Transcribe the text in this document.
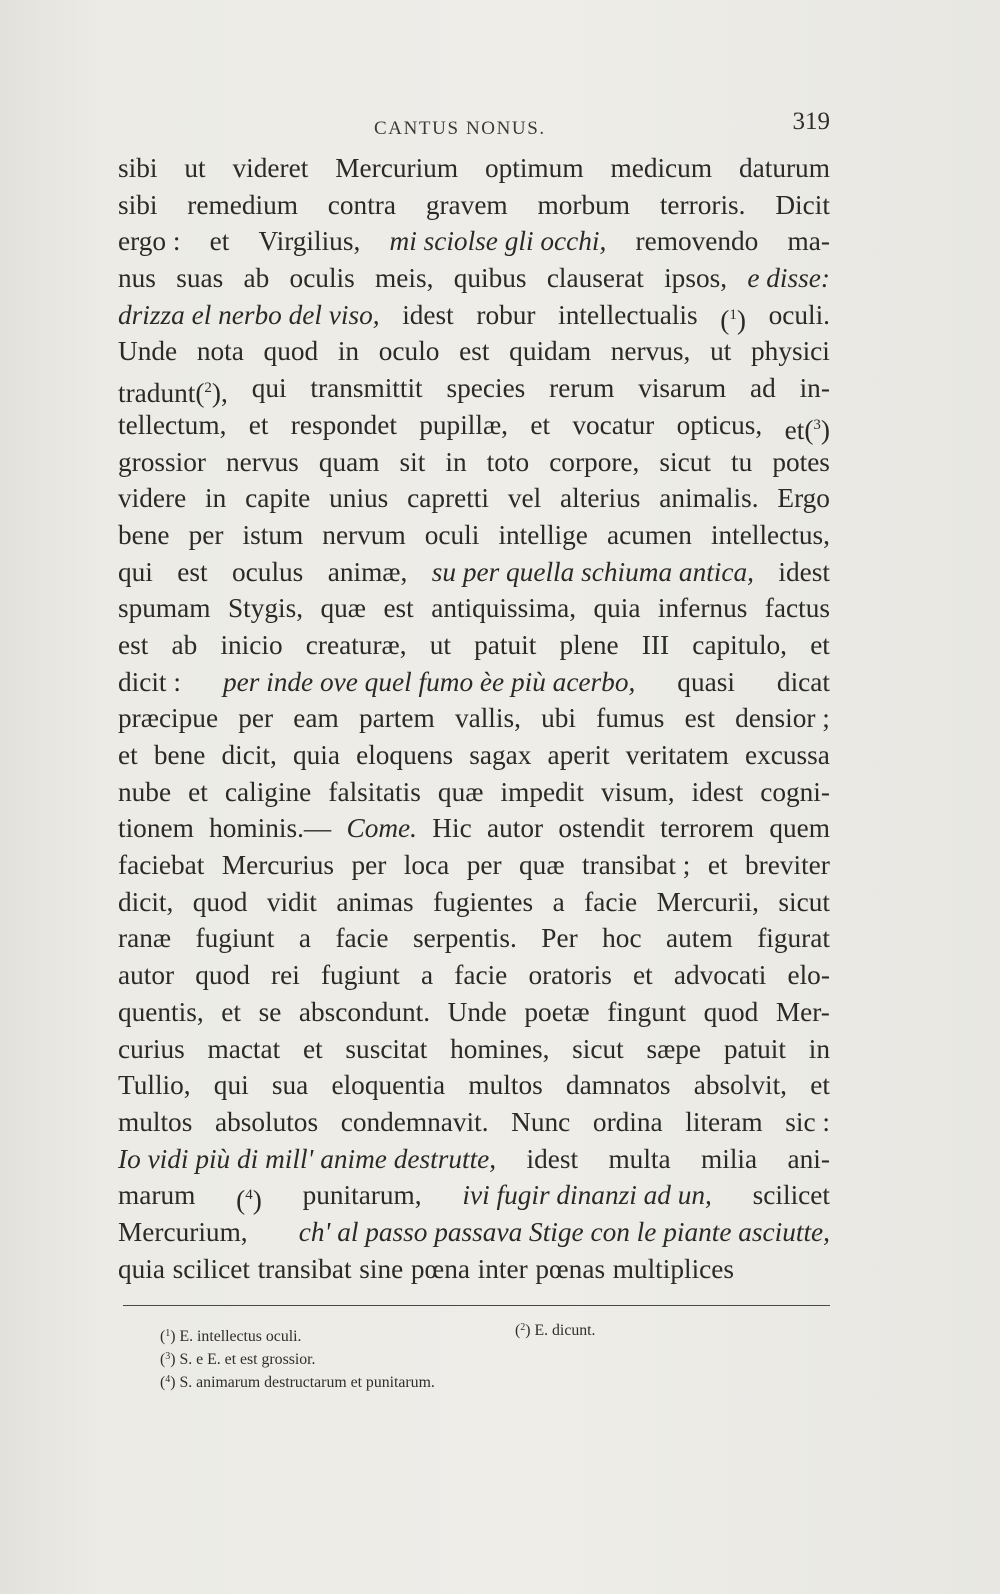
CANTUS NONUS.	319
sibi ut videret Mercurium optimum medicum daturum
sibi remedium contra gravem morbum terroris. Dicit
ergo : et Virgilius, mi sciolse gli occhi, removendo ma-
nus suas ab oculis meis, quibus clauserat ipsos, e disse:
drizza el nerbo del viso, idest robur intellectualis ($^1$) oculi.
Unde nota quod in oculo est quidam nervus, ut physici
tradunt($^2$), qui transmittit species rerum visarum ad in-
tellectum, et respondet pupillæ, et vocatur opticus, et($^3$)
grossior nervus quam sit in toto corpore, sicut tu potes
videre in capite unius capretti vel alterius animalis. Ergo
bene per istum nervum oculi intellige acumen intellectus,
qui est oculus animæ, su per quella schiuma antica, idest
spumam Stygis, quæ est antiquissima, quia infernus factus
est ab inicio creaturæ, ut patuit plene III capitulo, et
dicit : per inde ove quel fumo èe più acerbo, quasi dicat
præcipue per eam partem vallis, ubi fumus est densior ;
et bene dicit, quia eloquens sagax aperit veritatem excussa
nube et caligine falsitatis quæ impedit visum, idest cogni-
tionem hominis.— Come. Hic autor ostendit terrorem quem
faciebat Mercurius per loca per quæ transibat ; et breviter
dicit, quod vidit animas fugientes a facie Mercurii, sicut
ranæ fugiunt a facie serpentis. Per hoc autem figurat
autor quod rei fugiunt a facie oratoris et advocati elo-
quentis, et se abscondunt. Unde poetæ fingunt quod Mer-
curius mactat et suscitat homines, sicut sæpe patuit in
Tullio, qui sua eloquentia multos damnatos absolvit, et
multos absolutos condemnavit. Nunc ordina literam sic :
Io vidi più di mill' anime destrutte, idest multa milia ani-
marum ($^4$) punitarum, ivi fugir dinanzi ad un, scilicet
Mercurium, ch' al passo passava Stige con le piante asciutte,
quia scilicet transibat sine pœna inter pœnas multiplices
($^1$) E. intellectus oculi.	($^2$) E. dicunt.
($^3$) S. e E. et est grossior.
($^4$) S. animarum destructarum et punitarum.
